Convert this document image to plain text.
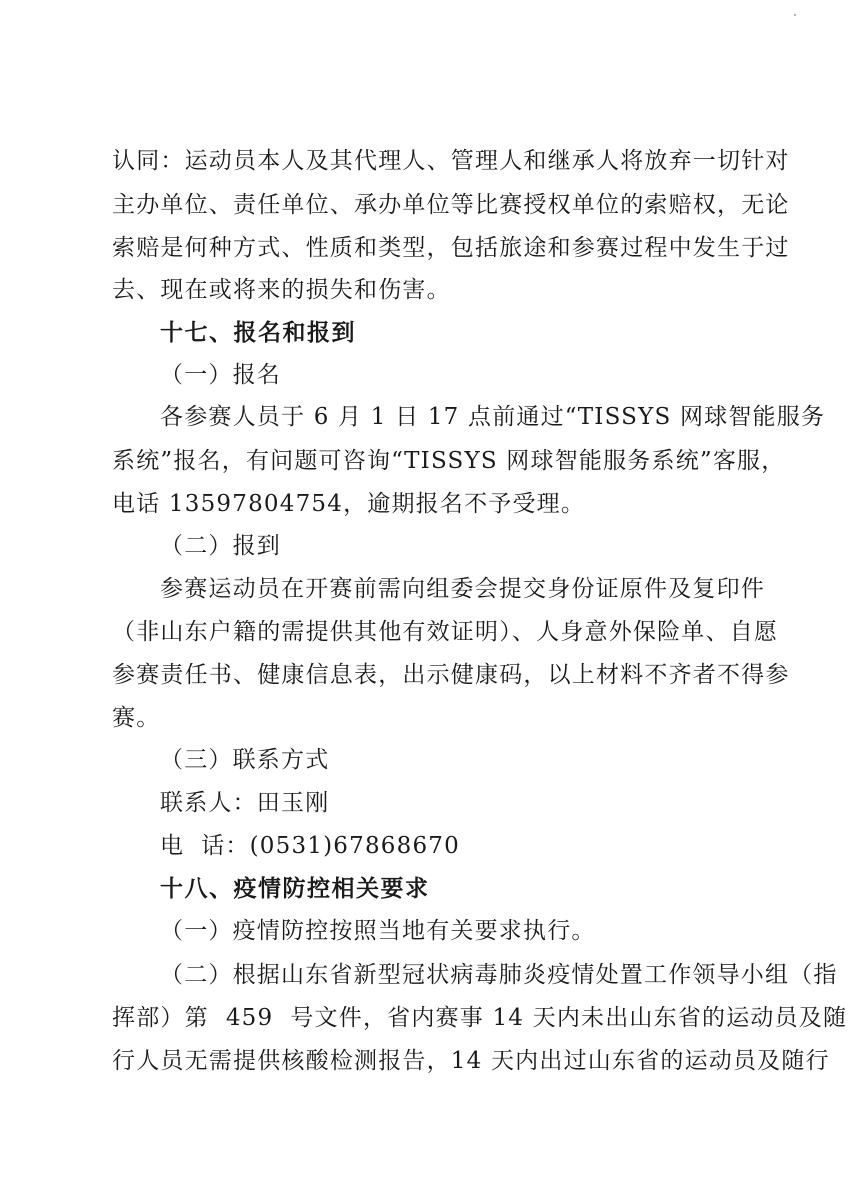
认同：运动员本人及其代理人、管理人和继承人将放弃一切针对

主办单位、责任单位、承办单位等比赛授权单位的索赔权，无论

索赔是何种方式、性质和类型，包括旅途和参赛过程中发生于过

去、现在或将来的损失和伤害。

十七、报名和报到

（一）报名

各参赛人员于 6 月 1 日 17 点前通过“TISSYS 网球智能服务

系统”报名，有问题可咨询“TISSYS 网球智能服务系统”客服，

电话 13597804754，逾期报名不予受理。

（二）报到

参赛运动员在开赛前需向组委会提交身份证原件及复印件

（非山东户籍的需提供其他有效证明）、人身意外保险单、自愿

参赛责任书、健康信息表，出示健康码，以上材料不齐者不得参

赛。

（三）联系方式

联系人：田玉刚

电  话：(0531)67868670

十八、疫情防控相关要求

（一）疫情防控按照当地有关要求执行。

（二）根据山东省新型冠状病毒肺炎疫情处置工作领导小组（指

挥部）第  459  号文件，省内赛事 14 天内未出山东省的运动员及随

行人员无需提供核酸检测报告，14 天内出过山东省的运动员及随行
